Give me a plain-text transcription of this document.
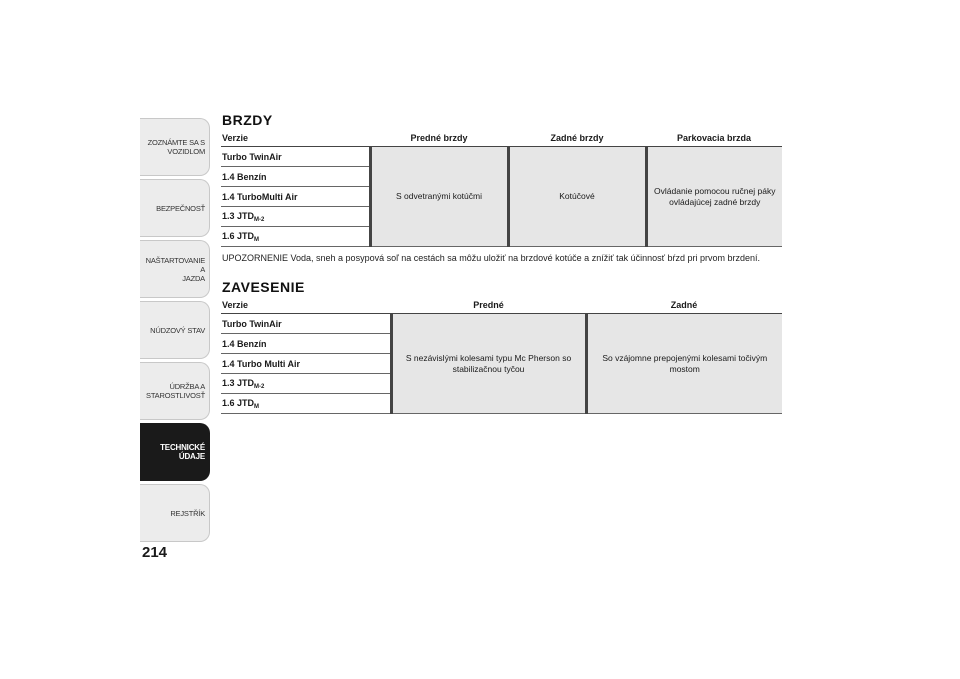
ZOZNÁMTE SA S
VOZIDLOM
BEZPEČNOSŤ
NAŠTARTOVANIE A
JAZDA
NÚDZOVÝ STAV
ÚDRŽBA A
STAROSTLIVOSŤ
TECHNICKÉ ÚDAJE
REJSTŘÍK
214
BRZDY
Verzie	Predné brzdy	Zadné brzdy	Parkovacia brzda
Turbo TwinAir	S odvetranými kotúčmi	Kotúčové	Ovládanie pomocou ručnej páky ovládajúcej zadné brzdy
1.4 Benzín			
1.4 TurboMulti Air			
1.3 $JTD_{M-2}$
1.6 $JTD_M$
UPOZORNENIE Voda, sneh a posypová soľ na cestách sa môžu uložiť na brzdové kotúče a znížiť tak účinnosť bŕzd pri prvom brzdení.
ZAVESENIE
Verzie	Predné	Zadné
Turbo TwinAir	S nezávislými kolesami typu Mc Pherson so stabilizačnou tyčou	So vzájomne prepojenými kolesami točivým mostom
1.4 Benzín		
1.4 Turbo Multi Air		
1.3 $JTD_{M-2}$
1.6 $JTD_M$
